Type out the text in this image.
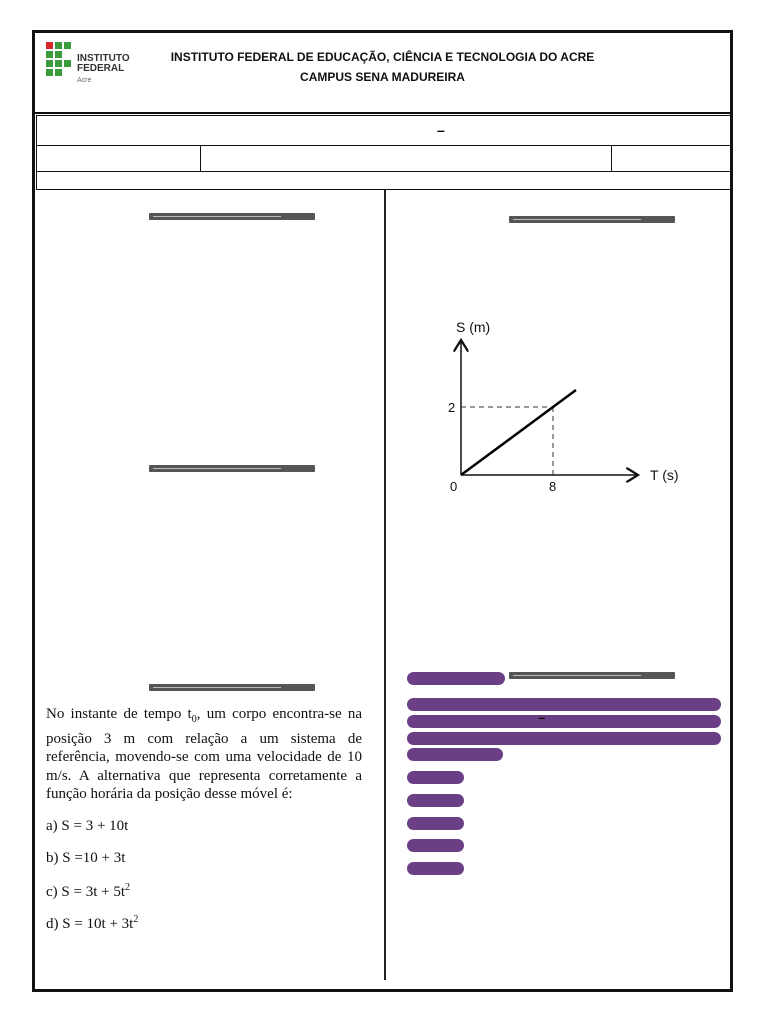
INSTITUTO
FEDERAL
Acre
INSTITUTO FEDERAL DE EDUCAÇÃO, CIÊNCIA E TECNOLOGIA DO ACRE
CAMPUS SENA MADUREIRA
–
No instante de tempo $t_0$, um corpo encontra-se na posição 3 m com relação a um sistema de referência, movendo-se com uma velocidade de 10 m/s. A alternativa que representa corretamente a função horária da posição desse móvel é:
a) S = 3 + 10t
b) S =10 + 3t
c) $S = 3t + 5t^2$
d) $S = 10t + 3t^2$
S (m)
T (s)
0	8
2
–
